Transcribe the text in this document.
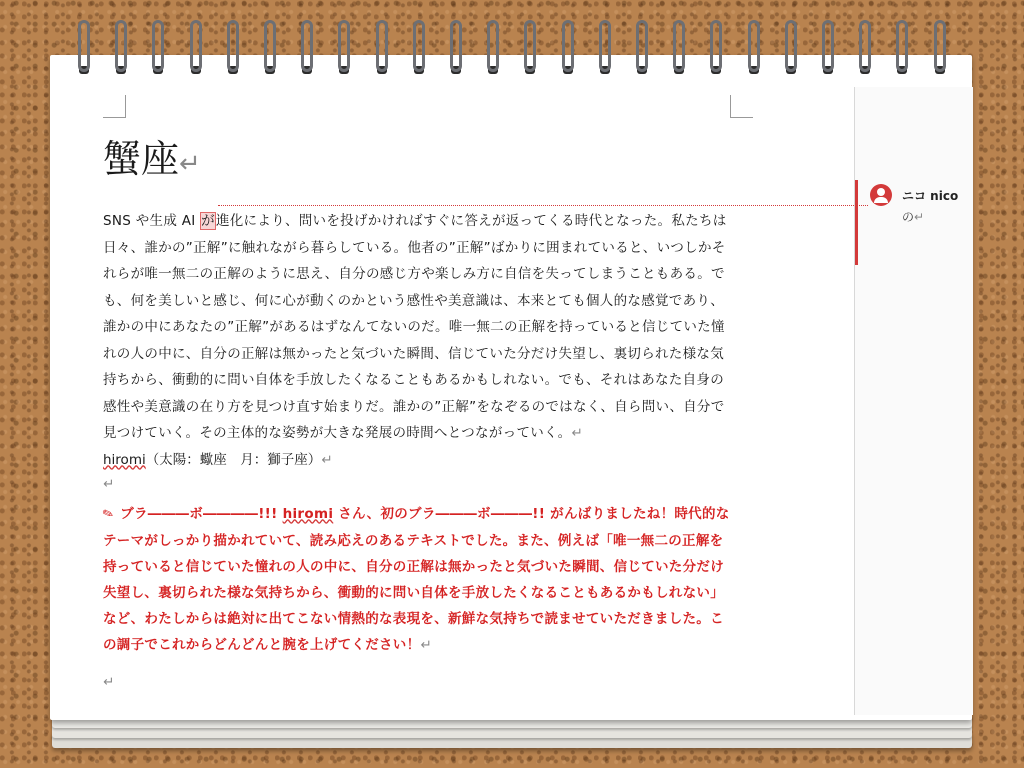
ニコ nico
の↵
蟹座↵

SNS や生成 AI が進化により、問いを投げかければすぐに答えが返ってくる時代となった。私たちは日々、誰かの”正解”に触れながら暮らしている。他者の”正解”ばかりに囲まれていると、いつしかそれらが唯一無二の正解のように思え、自分の感じ方や楽しみ方に自信を失ってしまうこともある。でも、何を美しいと感じ、何に心が動くのかという感性や美意識は、本来とても個人的な感覚であり、誰かの中にあなたの”正解”があるはずなんてないのだ。唯一無二の正解を持っていると信じていた憧れの人の中に、自分の正解は無かったと気づいた瞬間、信じていた分だけ失望し、裏切られた様な気持ちから、衝動的に問い自体を手放したくなることもあるかもしれない。でも、それはあなた自身の感性や美意識の在り方を見つけ直す始まりだ。誰かの”正解”をなぞるのではなく、自ら問い、自分で見つけていく。その主体的な姿勢が大きな発展の時間へとつながっていく。↵

hiromi（太陽：蠍座　月：獅子座）↵

↵

✎ ブラ―――ボ――――!!! hiromi さん、初のブラ―――ボ―――!! がんばりましたね！時代的なテーマがしっかり描かれていて、読み応えのあるテキストでした。また、例えば「唯一無二の正解を持っていると信じていた憧れの人の中に、自分の正解は無かったと気づいた瞬間、信じていた分だけ失望し、裏切られた様な気持ちから、衝動的に問い自体を手放したくなることもあるかもしれない」など、わたしからは絶対に出てこない情熱的な表現を、新鮮な気持ちで読ませていただきました。この調子でこれからどんどんと腕を上げてください！↵

↵
